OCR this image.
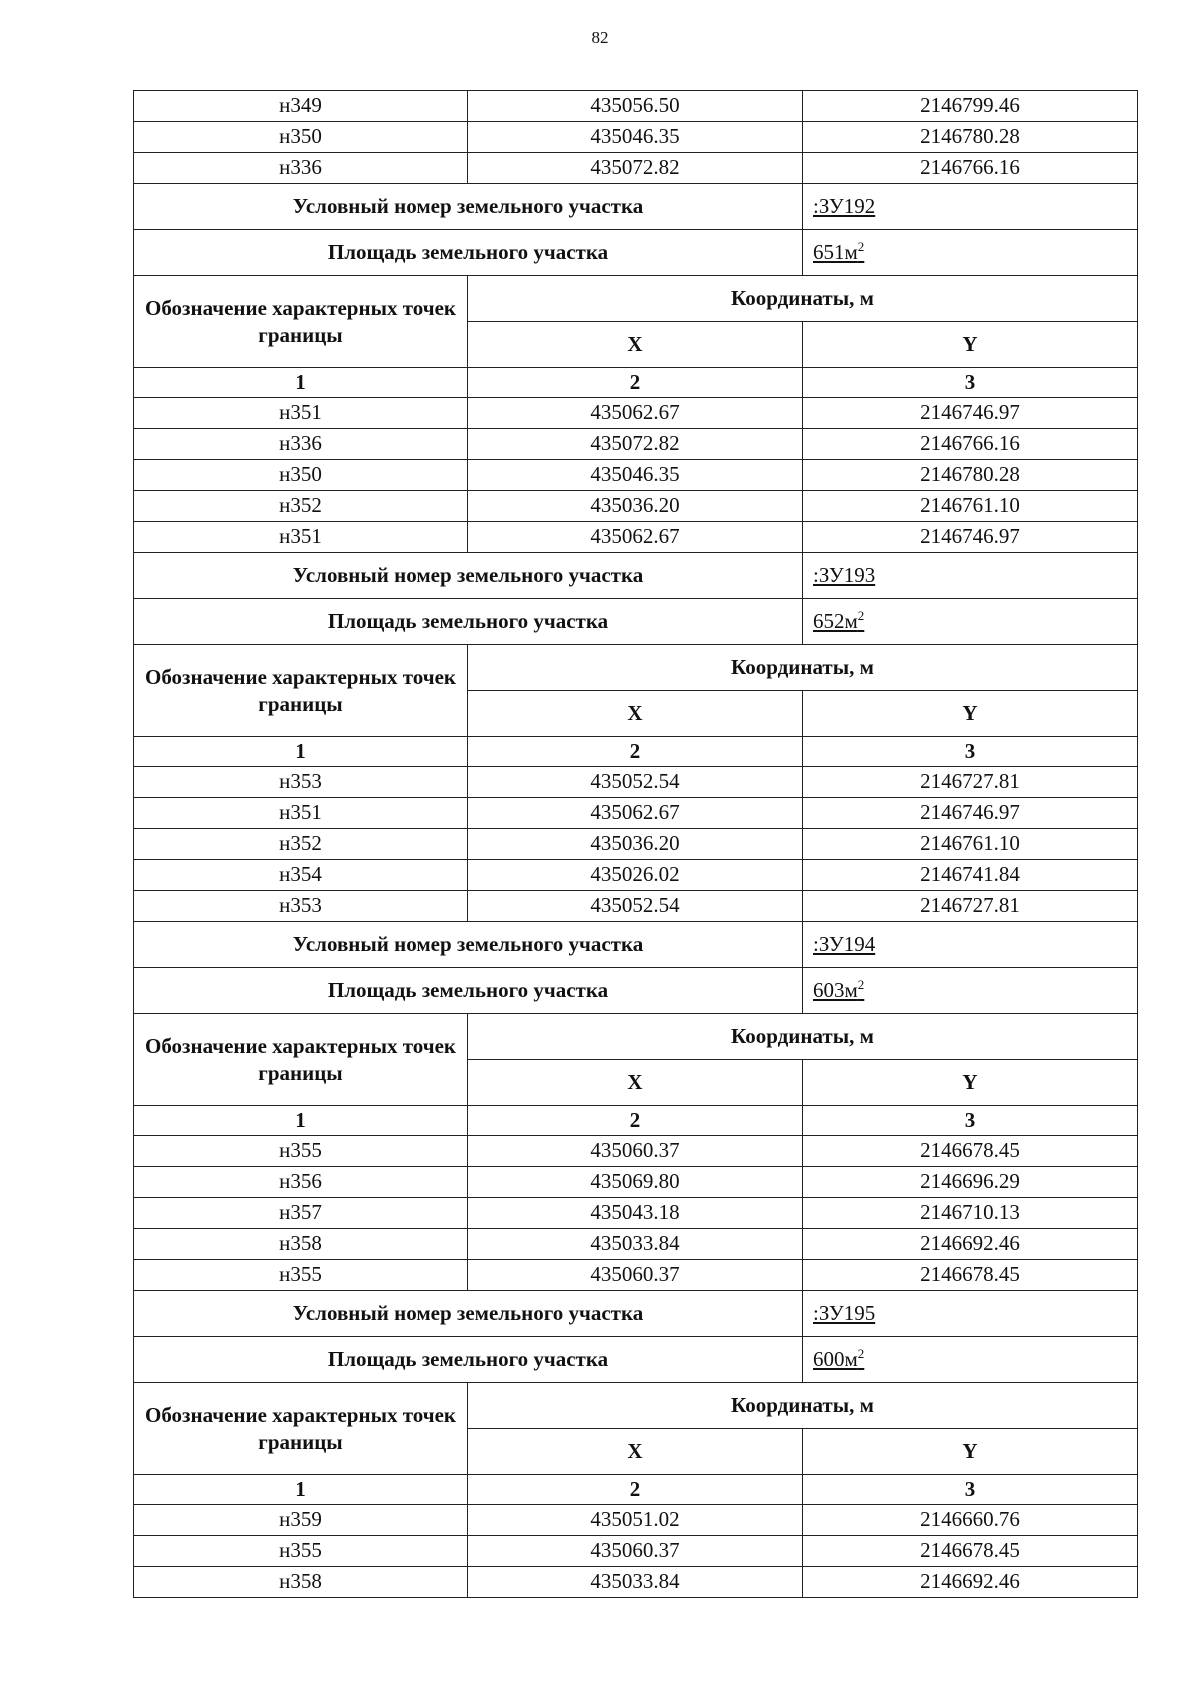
82
н349	435056.50	2146799.46
н350	435046.35	2146780.28
н336	435072.82	2146766.16
Условный номер земельного участка		:ЗУ192
Площадь земельного участка		$651м^2$
Обозначение характерных точек границы	Координаты, м	
	X	Y
1	2	3
н351	435062.67	2146746.97
н336	435072.82	2146766.16
н350	435046.35	2146780.28
н352	435036.20	2146761.10
н351	435062.67	2146746.97
Условный номер земельного участка		:ЗУ193
Площадь земельного участка		$652м^2$
Обозначение характерных точек границы	Координаты, м	
	X	Y
1	2	3
н353	435052.54	2146727.81
н351	435062.67	2146746.97
н352	435036.20	2146761.10
н354	435026.02	2146741.84
н353	435052.54	2146727.81
Условный номер земельного участка		:ЗУ194
Площадь земельного участка		$603м^2$
Обозначение характерных точек границы	Координаты, м	
	X	Y
1	2	3
н355	435060.37	2146678.45
н356	435069.80	2146696.29
н357	435043.18	2146710.13
н358	435033.84	2146692.46
н355	435060.37	2146678.45
Условный номер земельного участка		:ЗУ195
Площадь земельного участка		$600м^2$
Обозначение характерных точек границы	Координаты, м	
	X	Y
1	2	3
н359	435051.02	2146660.76
н355	435060.37	2146678.45
н358	435033.84	2146692.46
